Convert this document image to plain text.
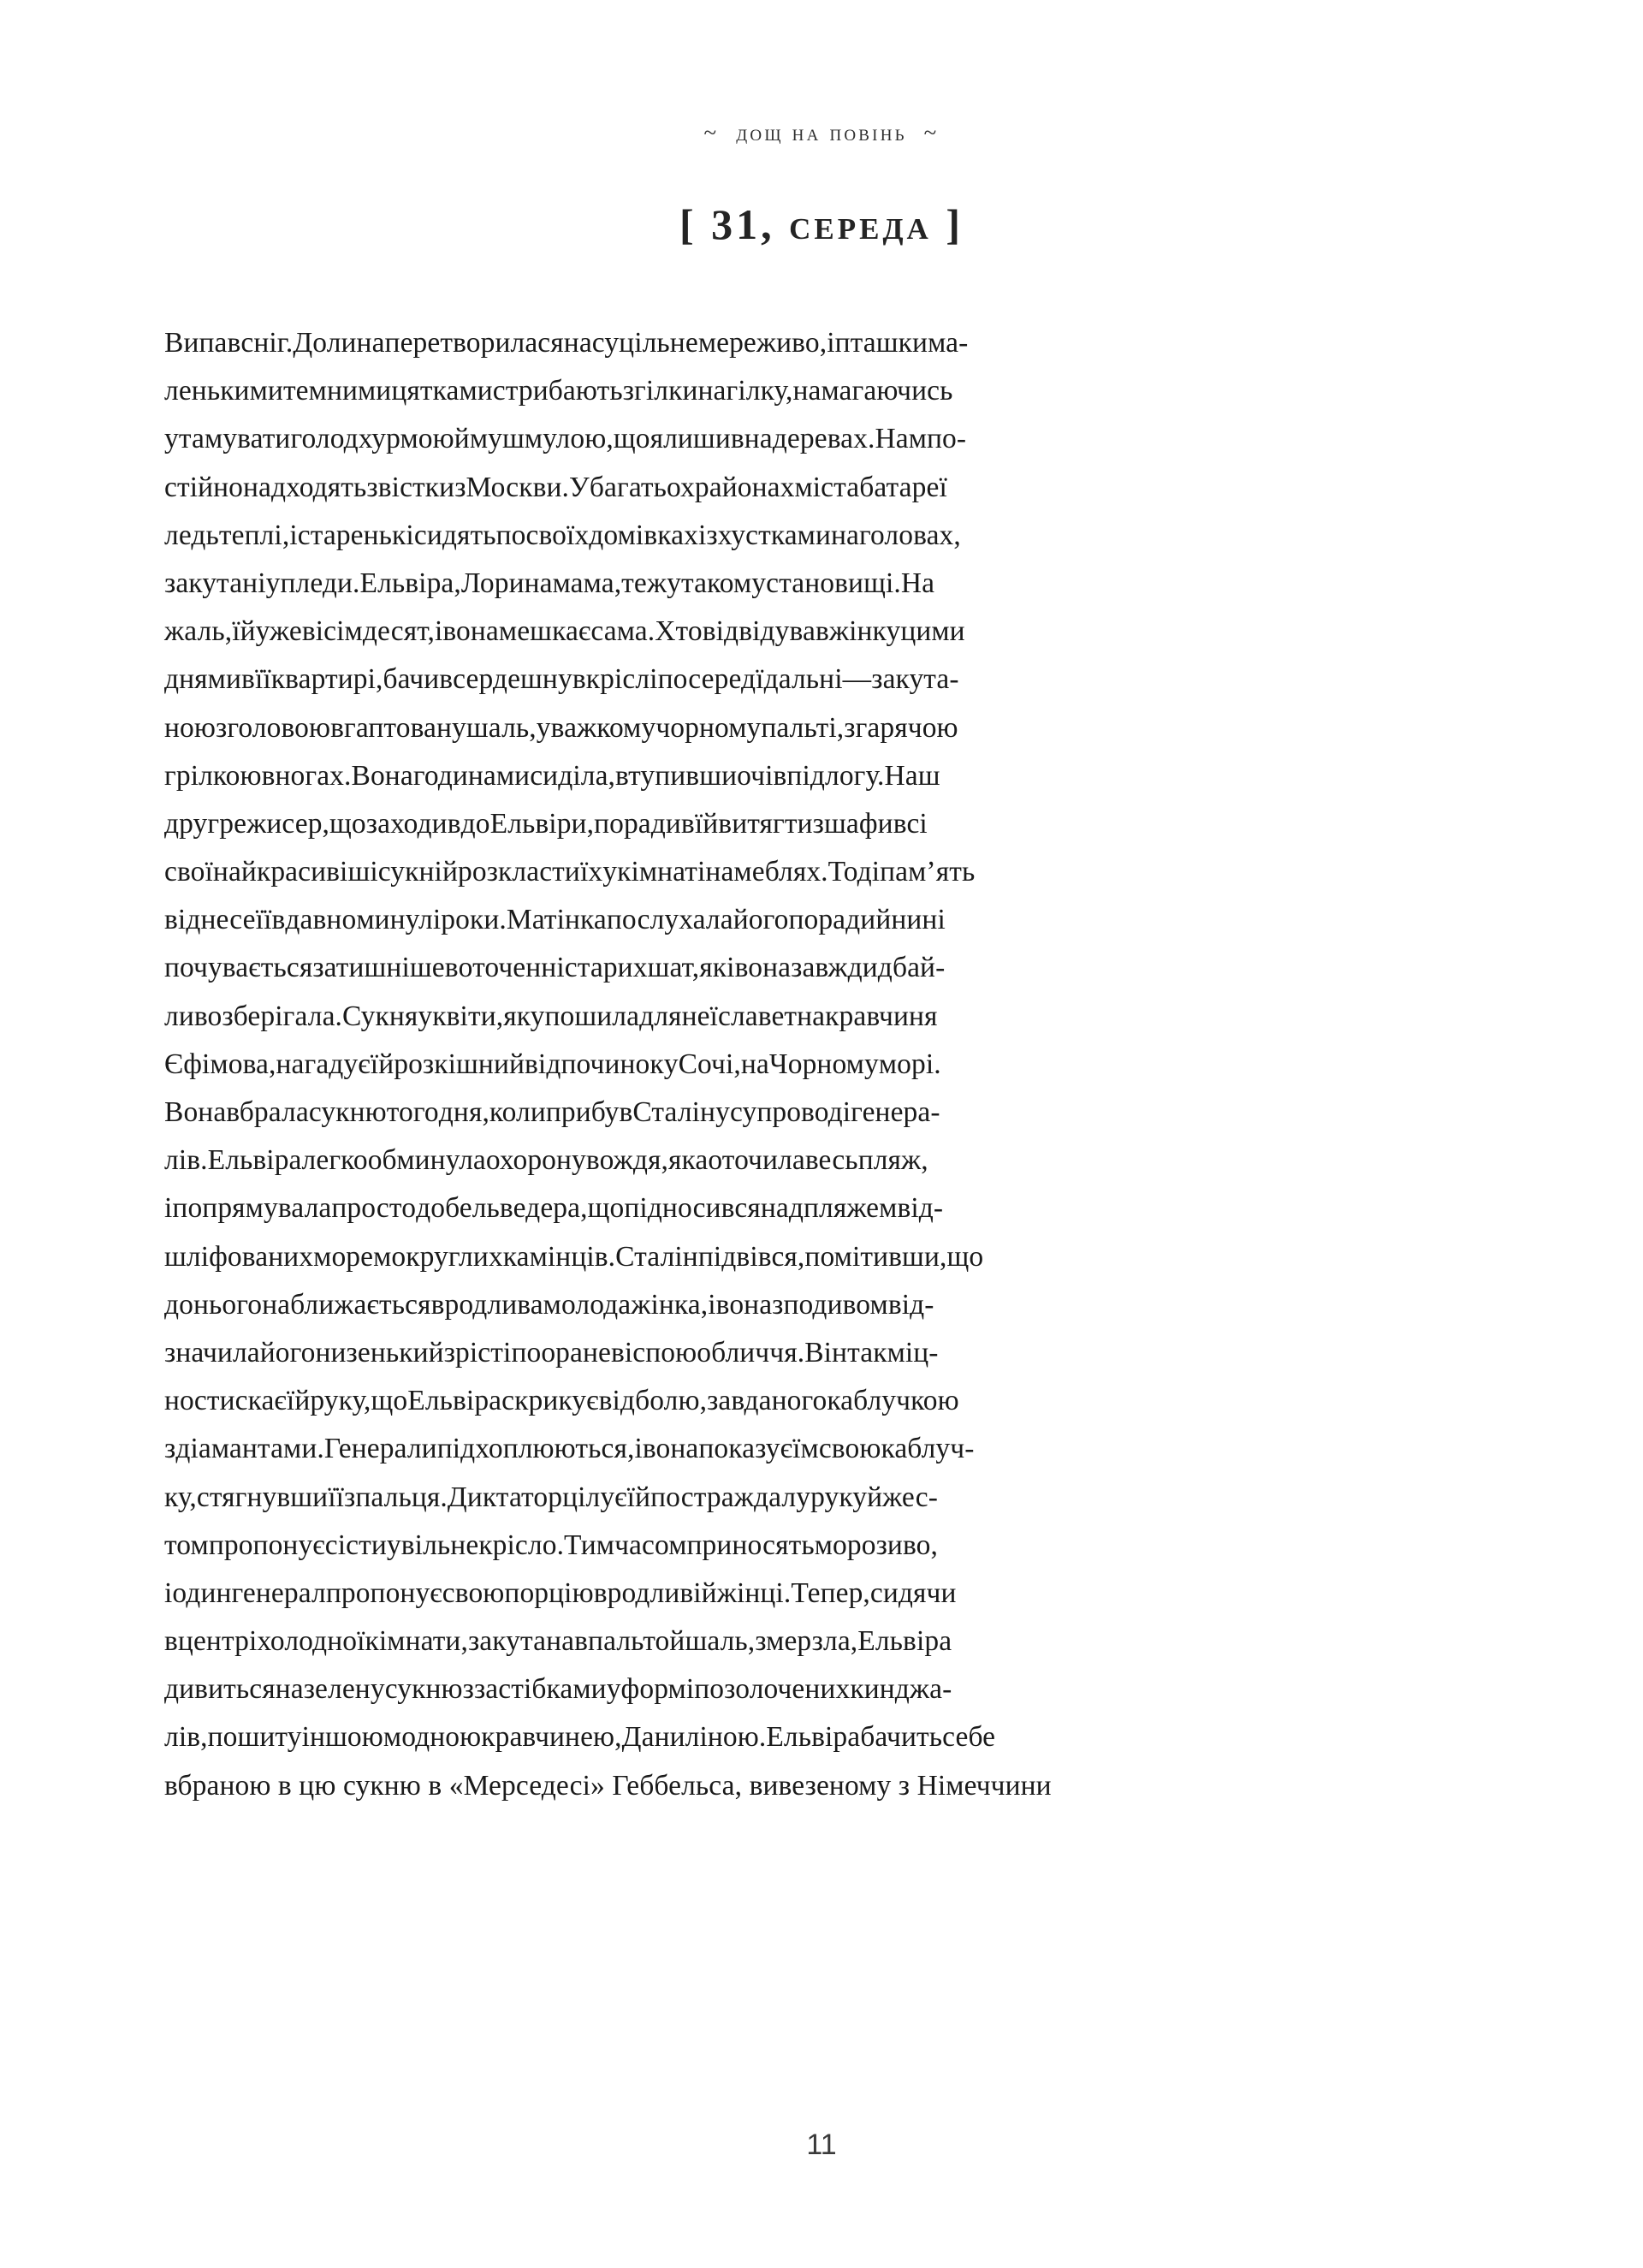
~  дощ на повінь  ~
[ 31, середа ]
Випав сніг. Долина перетворилася на суцільне мереживо, і пташки ма-
ленькими темними цятками стрибають з гілки на гілку, намагаючись
утамувати голод хурмою й мушмулою, що я лишив на деревах. Нам по-
стійно надходять звістки з Москви. У багатьох районах міста батареї
ледь теплі, і старенькі сидять по своїх домівках із хустками на головах,
закутані у пледи. Ельвіра, Лорина мама, теж у такому становищі. На
жаль, їй уже вісімдесят, і вона мешкає сама. Хто відвідував жінку цими
днями в її квартирі, бачив сердешну в кріслі посеред їдальні — закута-
ною з головою в гаптовану шаль, у важкому чорному пальті, з гарячою
грілкою в ногах. Вона годинами сиділа, втупивши очі в підлогу. Наш
друг режисер, що заходив до Ельвіри, порадив їй витягти з шафи всі
свої найкрасивіші сукні й розкласти їх у кімнаті на меблях. Тоді пам’ять
віднесе її в давно минулі роки. Матінка послухала його поради й нині
почувається затишніше в оточенні старих шат, які вона завжди дбай-
ливо зберігала. Сукня у квіти, яку пошила для неї славетна кравчиня
Єфімова, нагадує їй розкішний відпочинок у Сочі, на Чорному морі.
Вона вбрала сукню того дня, коли прибув Сталін у супроводі генера-
лів. Ельвіра легко обминула охорону вождя, яка оточила весь пляж,
і попрямувала просто до бельведера, що підносився над пляжем від-
шліфованих морем округлих камінців. Сталін підвівся, помітивши, що
до нього наближається вродлива молода жінка, і вона з подивом від-
значила його низенький зріст і пооране віспою обличчя. Він так міц-
но стискає їй руку, що Ельвіра скрикує від болю, завданого каблучкою
з діамантами. Генерали підхоплюються, і вона показує їм свою каблуч-
ку, стягнувши її з пальця. Диктатор цілує їй постраждалу руку й жес-
том пропонує сісти у вільне крісло. Тим часом приносять морозиво,
і один генерал пропонує свою порцію вродливій жінці. Тепер, сидячи
в центрі холодної кімнати, закутана в пальто й шаль, змерзла, Ельвіра
дивиться на зелену сукню з застібками у формі позолочених кинджа-
лів, пошиту іншою модною кравчинею, Даниліною. Ельвіра бачить себе
вбраною в цю сукню в «Мерседесі» Геббельса, вивезеному з Німеччини
11
